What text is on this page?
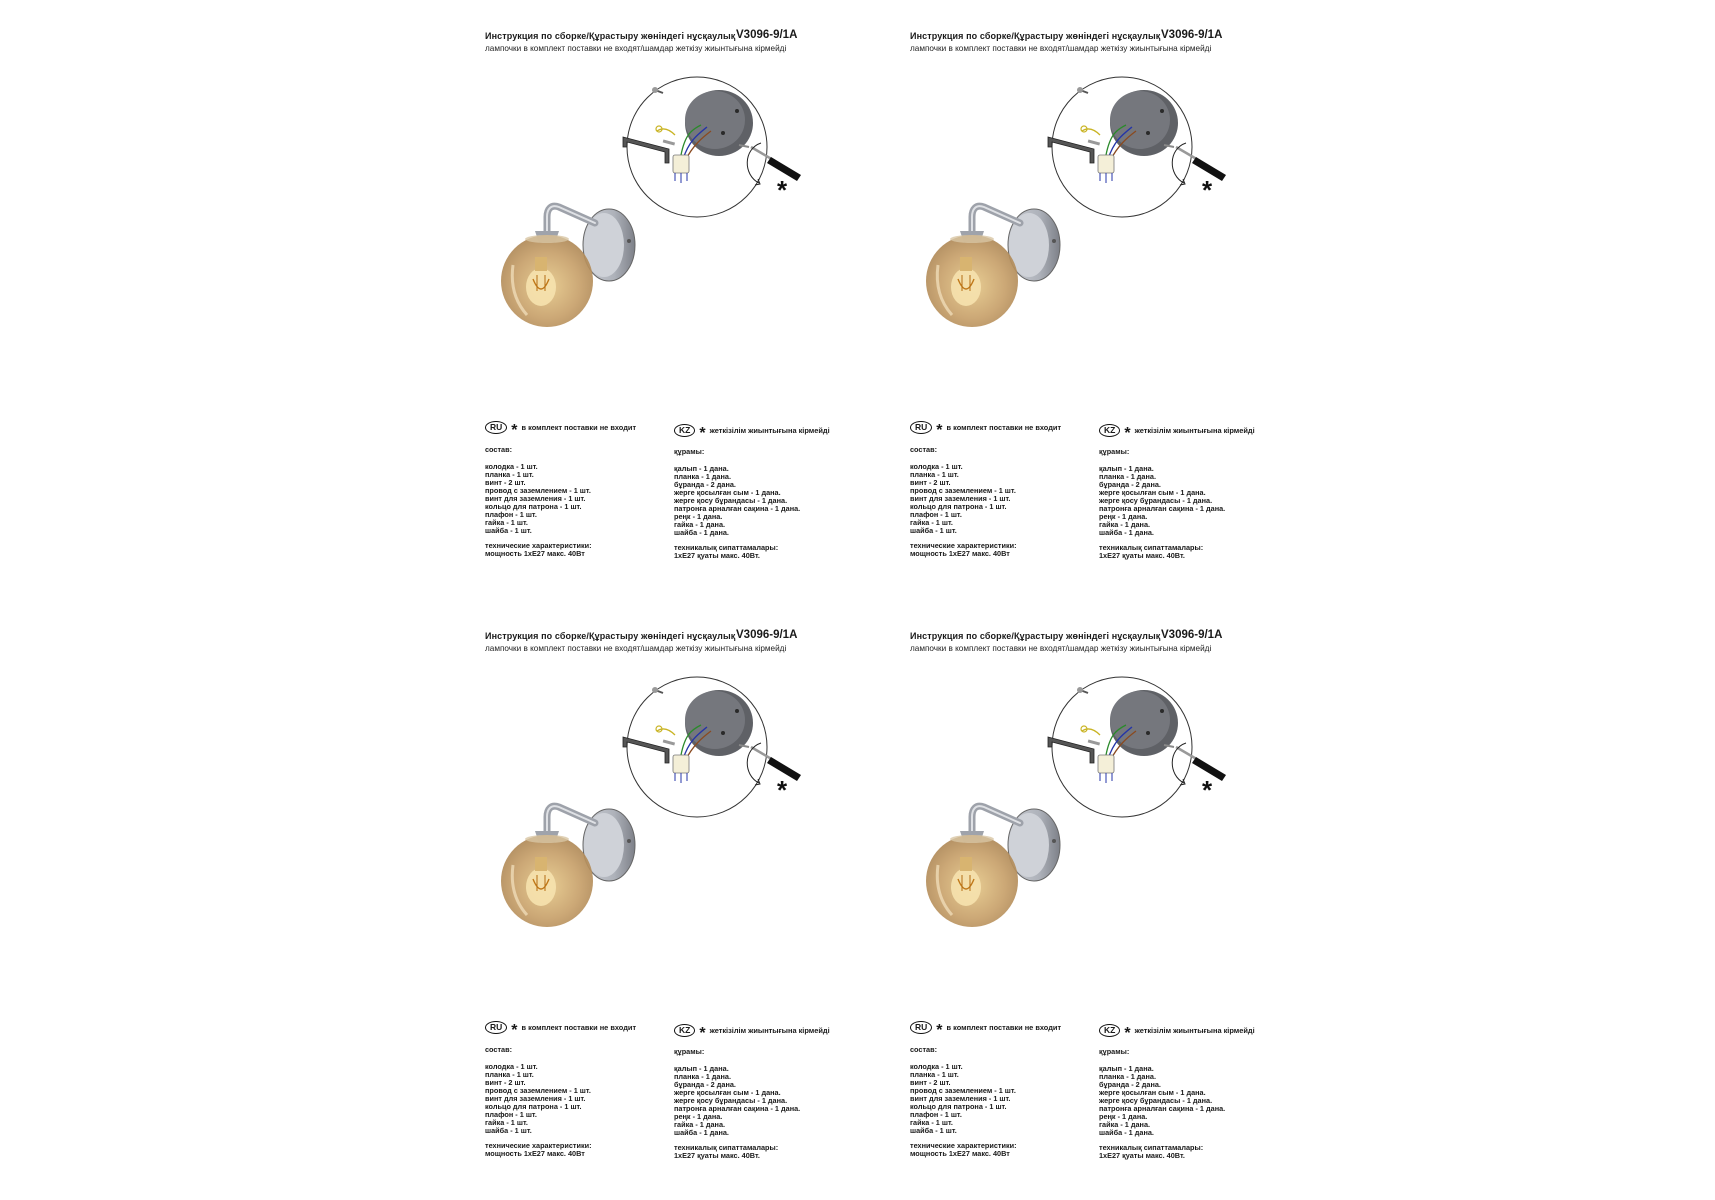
Инструкция по сборке/Құрастыру жөніндегі нұсқаулық V3096-9/1A
лампочки в комплект поставки не входят/шамдар жеткізу жиынтығына кірмейді
*
RU * в комплект поставки не входит
состав:
колодка - 1 шт.
планка - 1 шт.
винт - 2 шт.
провод с заземлением - 1 шт.
винт для заземления - 1 шт.
кольцо для патрона - 1 шт.
плафон - 1 шт.
гайка - 1 шт.
шайба - 1 шт.
технические характеристики:
мощность 1хЕ27 макс. 40Вт
KZ * жеткізілім жиынтығына кірмейді
құрамы:
қалып - 1 дана.
планка - 1 дана.
бұранда - 2 дана.
жерге қосылған сым - 1 дана.
жерге қосу бұрандасы - 1 дана.
патронға арналған сақина - 1 дана.
реңк - 1 дана.
гайка - 1 дана.
шайба - 1 дана.
техникалық сипаттамалары:
1хЕ27 қуаты макс. 40Вт.
Инструкция по сборке/Құрастыру жөніндегі нұсқаулық V3096-9/1A
лампочки в комплект поставки не входят/шамдар жеткізу жиынтығына кірмейді
*
RU * в комплект поставки не входит
состав:
колодка - 1 шт.
планка - 1 шт.
винт - 2 шт.
провод с заземлением - 1 шт.
винт для заземления - 1 шт.
кольцо для патрона - 1 шт.
плафон - 1 шт.
гайка - 1 шт.
шайба - 1 шт.
технические характеристики:
мощность 1хЕ27 макс. 40Вт
KZ * жеткізілім жиынтығына кірмейді
құрамы:
қалып - 1 дана.
планка - 1 дана.
бұранда - 2 дана.
жерге қосылған сым - 1 дана.
жерге қосу бұрандасы - 1 дана.
патронға арналған сақина - 1 дана.
реңк - 1 дана.
гайка - 1 дана.
шайба - 1 дана.
техникалық сипаттамалары:
1хЕ27 қуаты макс. 40Вт.
Инструкция по сборке/Құрастыру жөніндегі нұсқаулық V3096-9/1A
лампочки в комплект поставки не входят/шамдар жеткізу жиынтығына кірмейді
*
RU * в комплект поставки не входит
состав:
колодка - 1 шт.
планка - 1 шт.
винт - 2 шт.
провод с заземлением - 1 шт.
винт для заземления - 1 шт.
кольцо для патрона - 1 шт.
плафон - 1 шт.
гайка - 1 шт.
шайба - 1 шт.
технические характеристики:
мощность 1хЕ27 макс. 40Вт
KZ * жеткізілім жиынтығына кірмейді
құрамы:
қалып - 1 дана.
планка - 1 дана.
бұранда - 2 дана.
жерге қосылған сым - 1 дана.
жерге қосу бұрандасы - 1 дана.
патронға арналған сақина - 1 дана.
реңк - 1 дана.
гайка - 1 дана.
шайба - 1 дана.
техникалық сипаттамалары:
1хЕ27 қуаты макс. 40Вт.
Инструкция по сборке/Құрастыру жөніндегі нұсқаулық V3096-9/1A
лампочки в комплект поставки не входят/шамдар жеткізу жиынтығына кірмейді
*
RU * в комплект поставки не входит
состав:
колодка - 1 шт.
планка - 1 шт.
винт - 2 шт.
провод с заземлением - 1 шт.
винт для заземления - 1 шт.
кольцо для патрона - 1 шт.
плафон - 1 шт.
гайка - 1 шт.
шайба - 1 шт.
технические характеристики:
мощность 1хЕ27 макс. 40Вт
KZ * жеткізілім жиынтығына кірмейді
құрамы:
қалып - 1 дана.
планка - 1 дана.
бұранда - 2 дана.
жерге қосылған сым - 1 дана.
жерге қосу бұрандасы - 1 дана.
патронға арналған сақина - 1 дана.
реңк - 1 дана.
гайка - 1 дана.
шайба - 1 дана.
техникалық сипаттамалары:
1хЕ27 қуаты макс. 40Вт.
